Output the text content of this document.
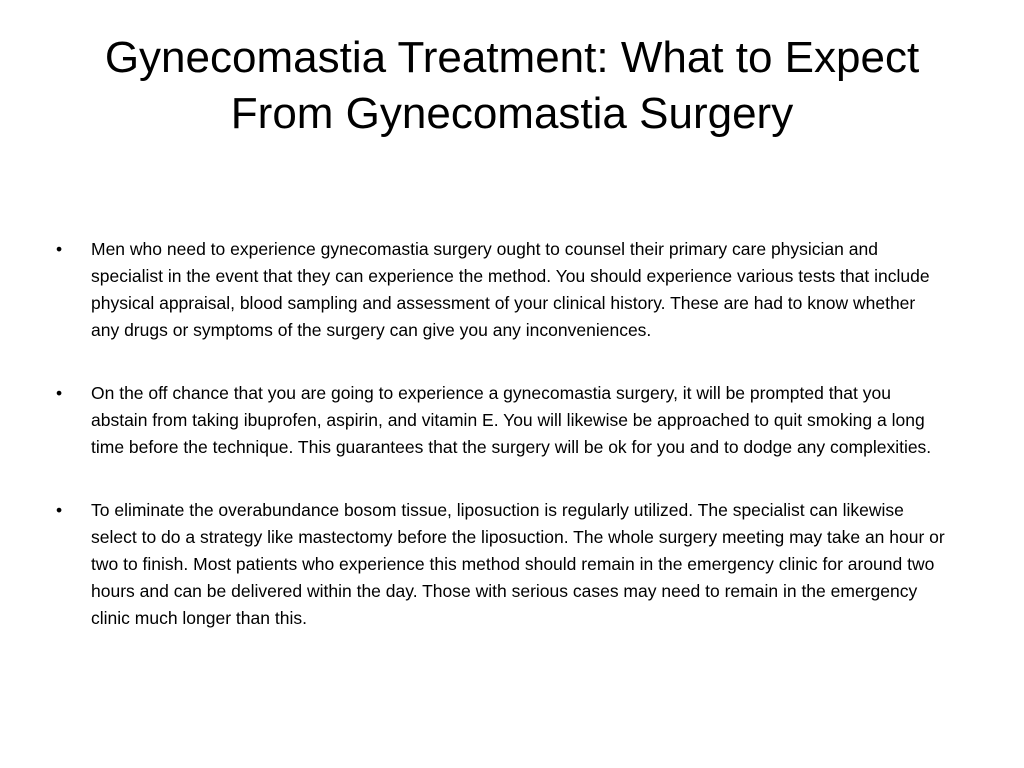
Gynecomastia Treatment: What to Expect From Gynecomastia Surgery
• Men who need to experience gynecomastia surgery ought to counsel their primary care physician and specialist in the event that they can experience the method. You should experience various tests that include physical appraisal, blood sampling and assessment of your clinical history. These are had to know whether any drugs or symptoms of the surgery can give you any inconveniences.
• On the off chance that you are going to experience a gynecomastia surgery, it will be prompted that you abstain from taking ibuprofen, aspirin, and vitamin E. You will likewise be approached to quit smoking a long time before the technique. This guarantees that the surgery will be ok for you and to dodge any complexities.
• To eliminate the overabundance bosom tissue, liposuction is regularly utilized. The specialist can likewise select to do a strategy like mastectomy before the liposuction. The whole surgery meeting may take an hour or two to finish. Most patients who experience this method should remain in the emergency clinic for around two hours and can be delivered within the day. Those with serious cases may need to remain in the emergency clinic much longer than this.
